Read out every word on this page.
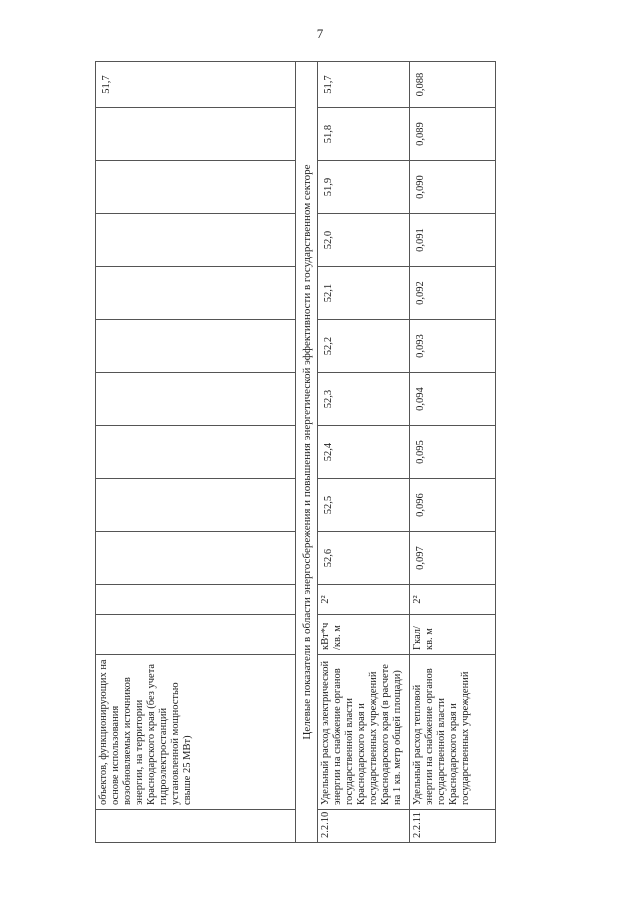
7
	объектов, функционирующих на основе использования возобновляемых источников энергии, на территории Краснодарского края (без учета гидроэлектростанций установленной мощностью свыше 25 МВт)												51,7
Целевые показатели в области энергосбережения и повышения энергетической эффективности в государственном секторе													
2.2.10	Удельный расход электрической энергии на снабжение органов государственной власти Краснодарского края и государственных учреждений Краснодарского края (в расчете на 1 кв. метр общей площади)	кВт*ч /кв. м	2²	52,6	52,5	52,4	52,3	52,2	52,1	52,0	51,9	51,8	51,7
2.2.11	Удельный расход тепловой энергии на снабжение органов государственной власти Краснодарского края и государственных учреждений	Гкал/ кв. м	2²	0,097	0,096	0,095	0,094	0,093	0,092	0,091	0,090	0,089	0,088
